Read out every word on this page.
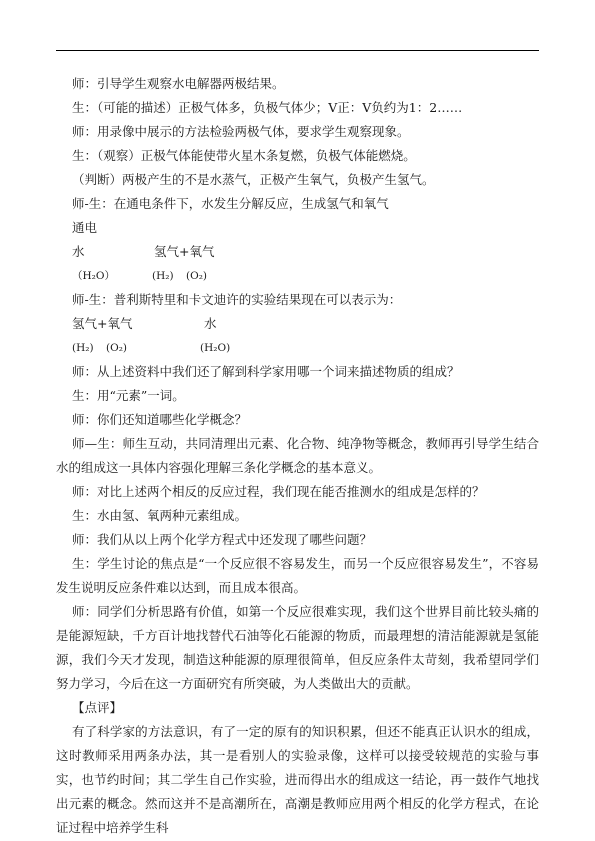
师：引导学生观察水电解器两极结果。

生：（可能的描述）正极气体多，负极气体少；V正：V负约为1：2……

师：用录像中展示的方法检验两极气体，要求学生观察现象。

生：（观察）正极气体能使带火星木条复燃，负极气体能燃烧。

（判断）两极产生的不是水蒸气，正极产生氧气，负极产生氢气。

师-生：在通电条件下，水发生分解反应，生成氢气和氧气

通电
水	氢气+氧气
（H₂O）	(H₂) (O₂)

师-生：普利斯特里和卡文迪许的实验结果现在可以表示为：

氢气+氧气	水
(H₂) (O₂)	(H₂O)

师：从上述资料中我们还了解到科学家用哪一个词来描述物质的组成？

生：用“元素”一词。

师：你们还知道哪些化学概念？

师—生：师生互动，共同清理出元素、化合物、纯净物等概念，教师再引导学生结合水的组成这一具体内容强化理解三条化学概念的基本意义。

师：对比上述两个相反的反应过程，我们现在能否推测水的组成是怎样的？

生：水由氢、氧两种元素组成。

师：我们从以上两个化学方程式中还发现了哪些问题？

生：学生讨论的焦点是“一个反应很不容易发生，而另一个反应很容易发生”，不容易发生说明反应条件难以达到，而且成本很高。

师：同学们分析思路有价值，如第一个反应很难实现，我们这个世界目前比较头痛的是能源短缺，千方百计地找替代石油等化石能源的物质，而最理想的清洁能源就是氢能源，我们今天才发现，制造这种能源的原理很简单，但反应条件太苛刻，我希望同学们努力学习，今后在这一方面研究有所突破，为人类做出大的贡献。

【点评】

有了科学家的方法意识，有了一定的原有的知识积累，但还不能真正认识水的组成，这时教师采用两条办法，其一是看别人的实验录像，这样可以接受较规范的实验与事实，也节约时间；其二学生自己作实验，进而得出水的组成这一结论，再一鼓作气地找出元素的概念。然而这并不是高潮所在，高潮是教师应用两个相反的化学方程式，在论证过程中培养学生科
